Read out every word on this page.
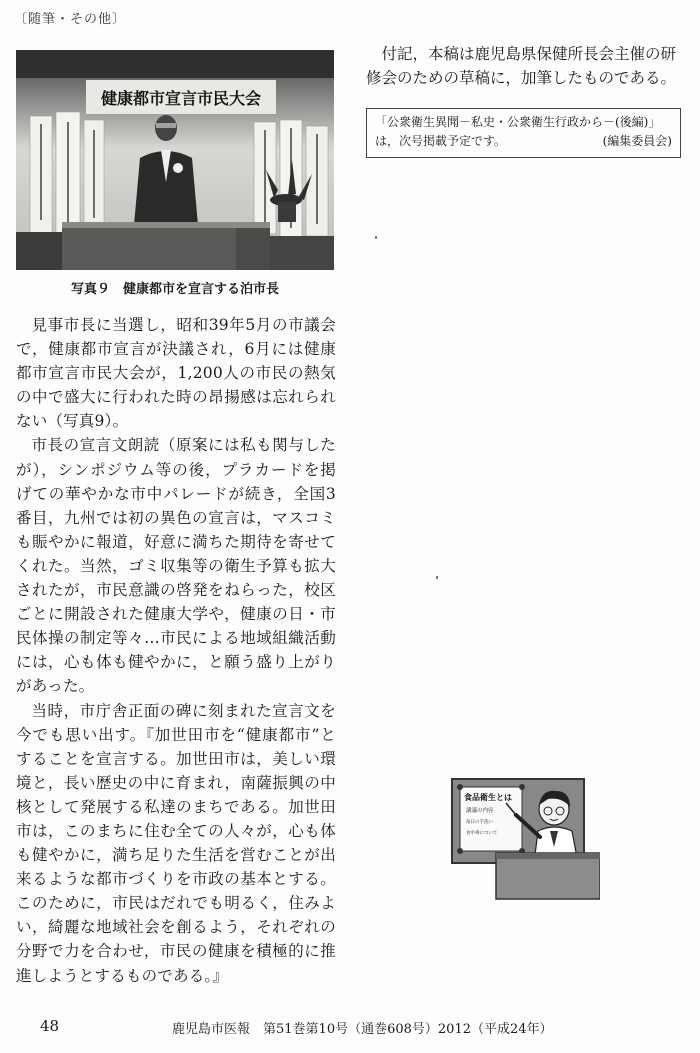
〔随筆・その他〕
健康都市宣言市民大会
写真９　健康都市を宣言する泊市長

見事市長に当選し，昭和39年5月の市議会で，健康都市宣言が決議され，6月には健康都市宣言市民大会が，1,200人の市民の熱気の中で盛大に行われた時の昂揚感は忘れられない（写真9）。

市長の宣言文朗読（原案には私も関与したが），シンポジウム等の後，プラカードを掲げての華やかな市中パレードが続き，全国3番目，九州では初の異色の宣言は，マスコミも賑やかに報道，好意に満ちた期待を寄せてくれた。当然，ゴミ収集等の衛生予算も拡大されたが，市民意識の啓発をねらった，校区ごとに開設された健康大学や，健康の日・市民体操の制定等々…市民による地域組織活動には，心も体も健やかに，と願う盛り上がりがあった。

当時，市庁舎正面の碑に刻まれた宣言文を今でも思い出す。『加世田市を“健康都市”とすることを宣言する。加世田市は，美しい環境と，長い歴史の中に育まれ，南薩振興の中核として発展する私達のまちである。加世田市は，このまちに住む全ての人々が，心も体も健やかに，満ち足りた生活を営むことが出来るような都市づくりを市政の基本とする。このために，市民はだれでも明るく，住みよい，綺麗な地域社会を創るよう，それぞれの分野で力を合わせ，市民の健康を積極的に推進しようとするものである。』

付記，本稿は鹿児島県保健所長会主催の研修会のための草稿に，加筆したものである。

「公衆衛生異聞－私史・公衆衛生行政から－(後編)」
は，次号掲載予定です。	(編集委員会)
食品衛生とは
講議の内容
毎日の手洗い
食中毒について
48	鹿児島市医報　第51巻第10号（通巻608号）2012（平成24年）
